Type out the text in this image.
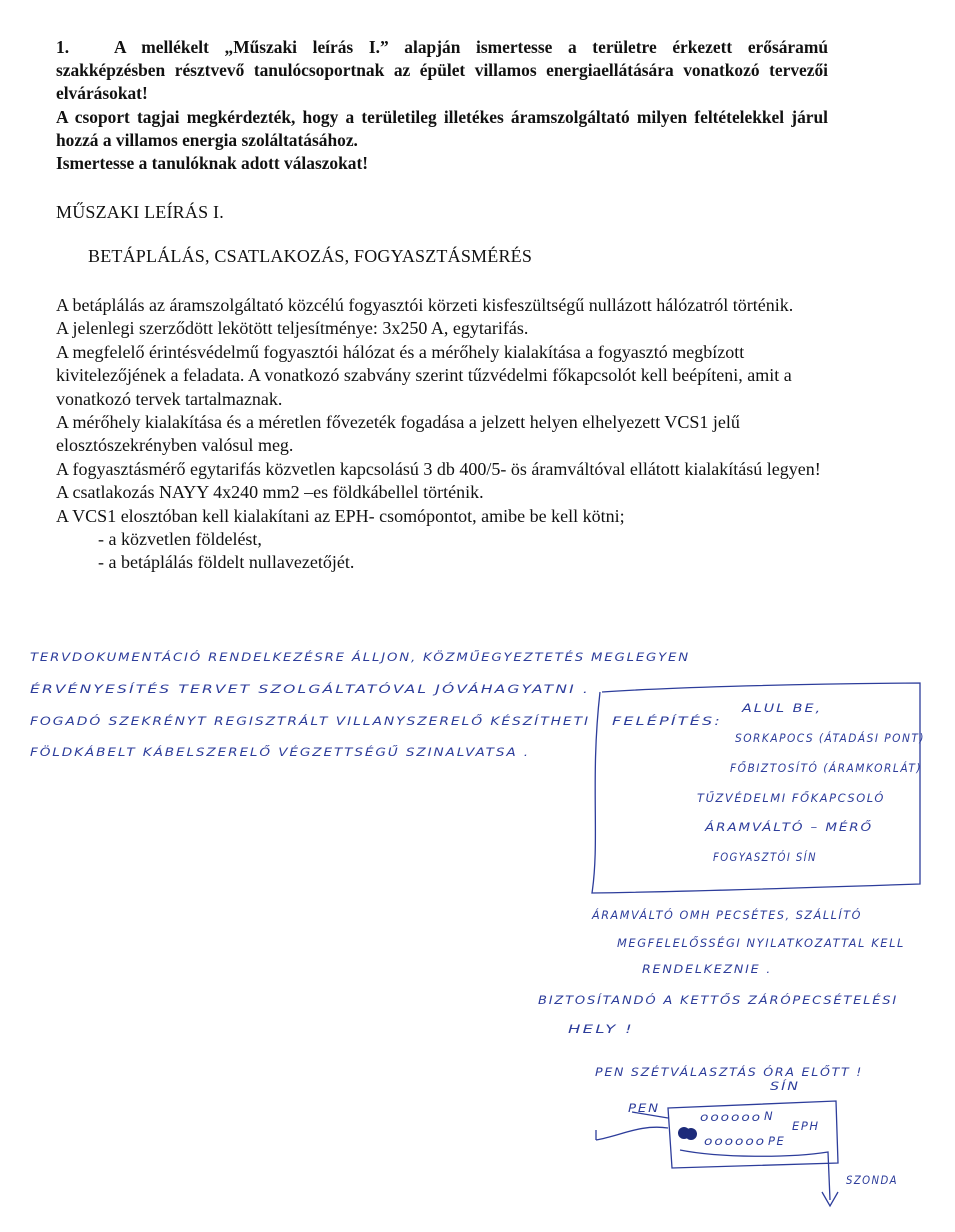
1.	A mellékelt „Műszaki leírás I.” alapján ismertesse a területre érkezett erősáramú szakképzésben résztvevő tanulócsoportnak az épület villamos energiaellátására vonatkozó tervezői elvárásokat!

A csoport tagjai megkérdezték, hogy a területileg illetékes áramszolgáltató milyen feltételekkel járul hozzá a villamos energia szoláltatásához.

Ismertesse a tanulóknak adott válaszokat!

MŰSZAKI LEÍRÁS I.
BETÁPLÁLÁS, CSATLAKOZÁS, FOGYASZTÁSMÉRÉS

A betáplálás az áramszolgáltató közcélú fogyasztói körzeti kisfeszültségű nullázott hálózatról történik.

A jelenlegi szerződött lekötött teljesítménye: 3x250 A, egytarifás.

A megfelelő érintésvédelmű fogyasztói hálózat és a mérőhely kialakítása a fogyasztó megbízott kivitelezőjének a feladata. A vonatkozó szabvány szerint tűzvédelmi főkapcsolót kell beépíteni, amit a vonatkozó tervek tartalmaznak.

A mérőhely kialakítása és a méretlen fővezeték fogadása a jelzett helyen elhelyezett VCS1 jelű elosztószekrényben valósul meg.

A fogyasztásmérő egytarifás közvetlen kapcsolású 3 db 400/5- ös áramváltóval ellátott kialakítású legyen!

A csatlakozás NAYY 4x240 mm2 –es földkábellel történik.

A VCS1 elosztóban kell kialakítani az EPH- csomópontot, amibe be kell kötni;

- a közvetlen földelést,

- a betáplálás földelt nullavezetőjét.

TERVDOKUMENTÁCIÓ RENDELKEZÉSRE ÁLLJON, KÖZMŰEGYEZTETÉS MEGLEGYEN
ÉRVÉNYESÍTÉS TERVET SZOLGÁLTATÓVAL JÓVÁHAGYATNI .
FOGADÓ SZEKRÉNYT REGISZTRÁLT VILLANYSZERELŐ KÉSZÍTHETI
FÖLDKÁBELT KÁBELSZERELŐ VÉGZETTSÉGŰ SZINALVATSA .
FELÉPÍTÉS:
ALUL BE,
SORKAPOCS (ÁTADÁSI PONT)
FŐBIZTOSÍTÓ (ÁRAMKORLÁT)
TŰZVÉDELMI FŐKAPCSOLÓ
ÁRAMVÁLTÓ – MÉRŐ
FOGYASZTÓI SÍN
ÁRAMVÁLTÓ OMH PECSÉTES, SZÁLLÍTÓ
MEGFELELŐSSÉGI NYILATKOZATTAL KELL
RENDELKEZNIE .
BIZTOSÍTANDÓ A KETTŐS ZÁRÓPECSÉTELÉSI
HELY !
PEN SZÉTVÁLASZTÁS ÓRA ELŐTT !
SÍN
oooooo
oooooo
PEN
N
EPH
PE
SZONDA
